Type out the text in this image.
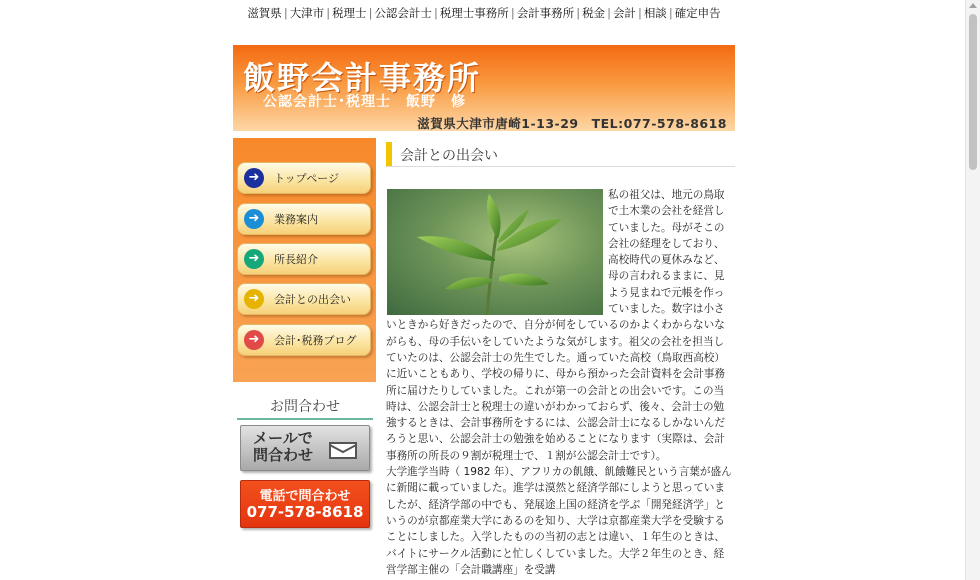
滋賀県 | 大津市 | 税理士 | 公認会計士 | 税理士事務所 | 会計事務所 | 税金 | 会計 | 相談 | 確定申告
飯野会計事務所
公認会計士･税理士　飯野　修
滋賀県大津市唐崎1-13-29　TEL:077-578-8618
➜	トップページ
➜	業務案内
➜	所長紹介
➜	会計との出会い
➜	会計･税務ブログ
お問合わせ
メールで
問合わせ
電話で問合わせ
077-578-8618
会計との出会い

私の祖父は、地元の鳥取で土木業の会社を経営していました。母がそこの会社の経理をしており、高校時代の夏休みなど、母の言われるままに、見よう見まねで元帳を作っていました。数字は小さいときから好きだったので、自分が何をしているのかよくわからないながらも、母の手伝いをしていたような気がします。祖父の会社を担当していたのは、公認会計士の先生でした。通っていた高校（鳥取西高校）に近いこともあり、学校の帰りに、母から預かった会計資料を会計事務所に届けたりしていました。これが第一の会計との出会いです。この当時は、公認会計士と税理士の違いがわかっておらず、後々、会計士の勉強するときは、会計事務所をするには、公認会計士になるしかないんだろうと思い、公認会計士の勉強を始めることになります（実際は、会計事務所の所長の９割が税理士で、１割が公認会計士です）。

大学進学当時（ 1982 年）、アフリカの飢餓、飢餓難民という言葉が盛んに新聞に載っていました。進学は漠然と経済学部にしようと思っていましたが、経済学部の中でも、発展途上国の経済を学ぶ「開発経済学」というのが京都産業大学にあるのを知り、大学は京都産業大学を受験することにしました。入学したものの当初の志とは違い、１年生のときは、バイトにサークル活動にと忙しくしていました。大学２年生のとき、経営学部主催の「会計職講座」を受講
